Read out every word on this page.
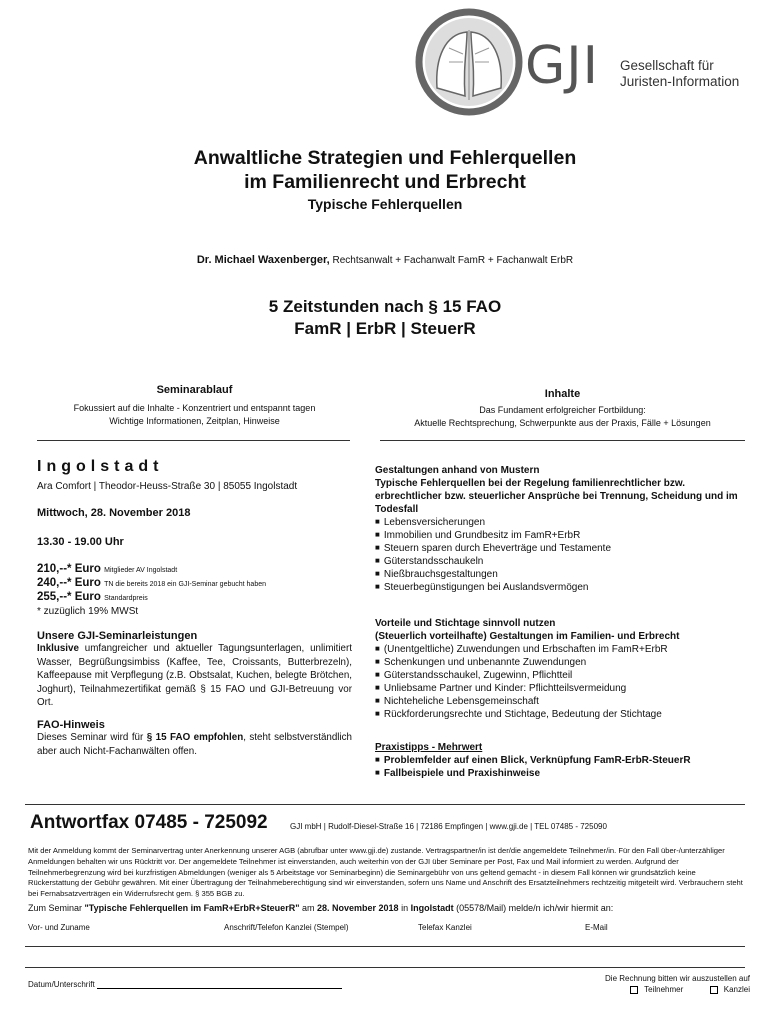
GJI Gesellschaft für
Juristen-Information
Anwaltliche Strategien und Fehlerquellen
im Familienrecht und Erbrecht
Typische Fehlerquellen
Dr. Michael Waxenberger, Rechtsanwalt + Fachanwalt FamR + Fachanwalt ErbR
5 Zeitstunden nach § 15 FAO
FamR | ErbR | SteuerR
Seminarablauf
Fokussiert auf die Inhalte - Konzentriert und entspannt tagen
Wichtige Informationen, Zeitplan, Hinweise
Inhalte
Das Fundament erfolgreicher Fortbildung:
Aktuelle Rechtsprechung, Schwerpunkte aus der Praxis, Fälle + Lösungen
Ingolstadt
Ara Comfort | Theodor-Heuss-Straße 30 | 85055 Ingolstadt
Mittwoch, 28. November 2018
13.30 - 19.00 Uhr
210,--* Euro Mitglieder AV Ingolstadt
240,--* Euro TN die bereits 2018 ein GJI-Seminar gebucht haben
255,--* Euro Standardpreis
* zuzüglich 19% MWSt
Unsere GJI-Seminarleistungen
Inklusive umfangreicher und aktueller Tagungsunterlagen, unlimitiert Wasser, Begrüßungsimbiss (Kaffee, Tee, Croissants, Butterbrezeln), Kaffeepause mit Verpflegung (z.B. Obstsalat, Kuchen, belegte Brötchen, Joghurt), Teilnahmezertifikat gemäß § 15 FAO und GJI-Betreuung vor Ort.
FAO-Hinweis
Dieses Seminar wird für § 15 FAO empfohlen, steht selbstverständlich aber auch Nicht-Fachanwälten offen.
Gestaltungen anhand von Mustern
Typische Fehlerquellen bei der Regelung familienrechtlicher bzw. erbrechtlicher bzw. steuerlicher Ansprüche bei Trennung, Scheidung und im Todesfall
■ Lebensversicherungen
■ Immobilien und Grundbesitz im FamR+ErbR
■ Steuern sparen durch Eheverträge und Testamente
■ Güterstandsschaukeln
■ Nießbrauchsgestaltungen
■ Steuerbegünstigungen bei Auslandsvermögen
Vorteile und Stichtage sinnvoll nutzen
(Steuerlich vorteilhafte) Gestaltungen im Familien- und Erbrecht
■ (Unentgeltliche) Zuwendungen und Erbschaften im FamR+ErbR
■ Schenkungen und unbenannte Zuwendungen
■ Güterstandsschaukel, Zugewinn, Pflichtteil
■ Unliebsame Partner und Kinder: Pflichtteilsvermeidung
■ Nichteheliche Lebensgemeinschaft
■ Rückforderungsrechte und Stichtage, Bedeutung der Stichtage
Praxistipps - Mehrwert
■ Problemfelder auf einen Blick, Verknüpfung FamR-ErbR-SteuerR
■ Fallbeispiele und Praxishinweise
Antwortfax 07485 - 725092	GJI mbH | Rudolf-Diesel-Straße 16 | 72186 Empfingen | www.gji.de | TEL 07485 - 725090
Mit der Anmeldung kommt der Seminarvertrag unter Anerkennung unserer AGB (abrufbar unter www.gji.de) zustande. Vertragspartner/in ist der/die angemeldete Teilnehmer/in. Für den Fall über-/unterzähliger Anmeldungen behalten wir uns Rücktritt vor. Der angemeldete Teilnehmer ist einverstanden, auch weiterhin von der GJI über Seminare per Post, Fax und Mail informiert zu werden. Aufgrund der Teilnehmerbegrenzung wird bei kurzfristigen Abmeldungen (weniger als 5 Arbeitstage vor Seminarbeginn) die Seminargebühr von uns geltend gemacht - in diesem Fall können wir grundsätzlich keine Rückerstattung der Gebühr gewähren. Mit einer Übertragung der Teilnahmeberechtigung sind wir einverstanden, sofern uns Name und Anschrift des Ersatzteilnehmers rechtzeitig mitgeteilt wird. Verbrauchern steht bei Fernabsatzverträgen ein Widerrufsrecht gem. § 355 BGB zu.
Zum Seminar "Typische Fehlerquellen im FamR+ErbR+SteuerR" am 28. November 2018 in Ingolstadt (05578/Mail) melde/n ich/wir hiermit an:
Vor- und Zuname	Anschrift/Telefon Kanzlei (Stempel)	Telefax Kanzlei	E-Mail
Datum/Unterschrift
Die Rechnung bitten wir auszustellen auf
Teilnehmer	Kanzlei
